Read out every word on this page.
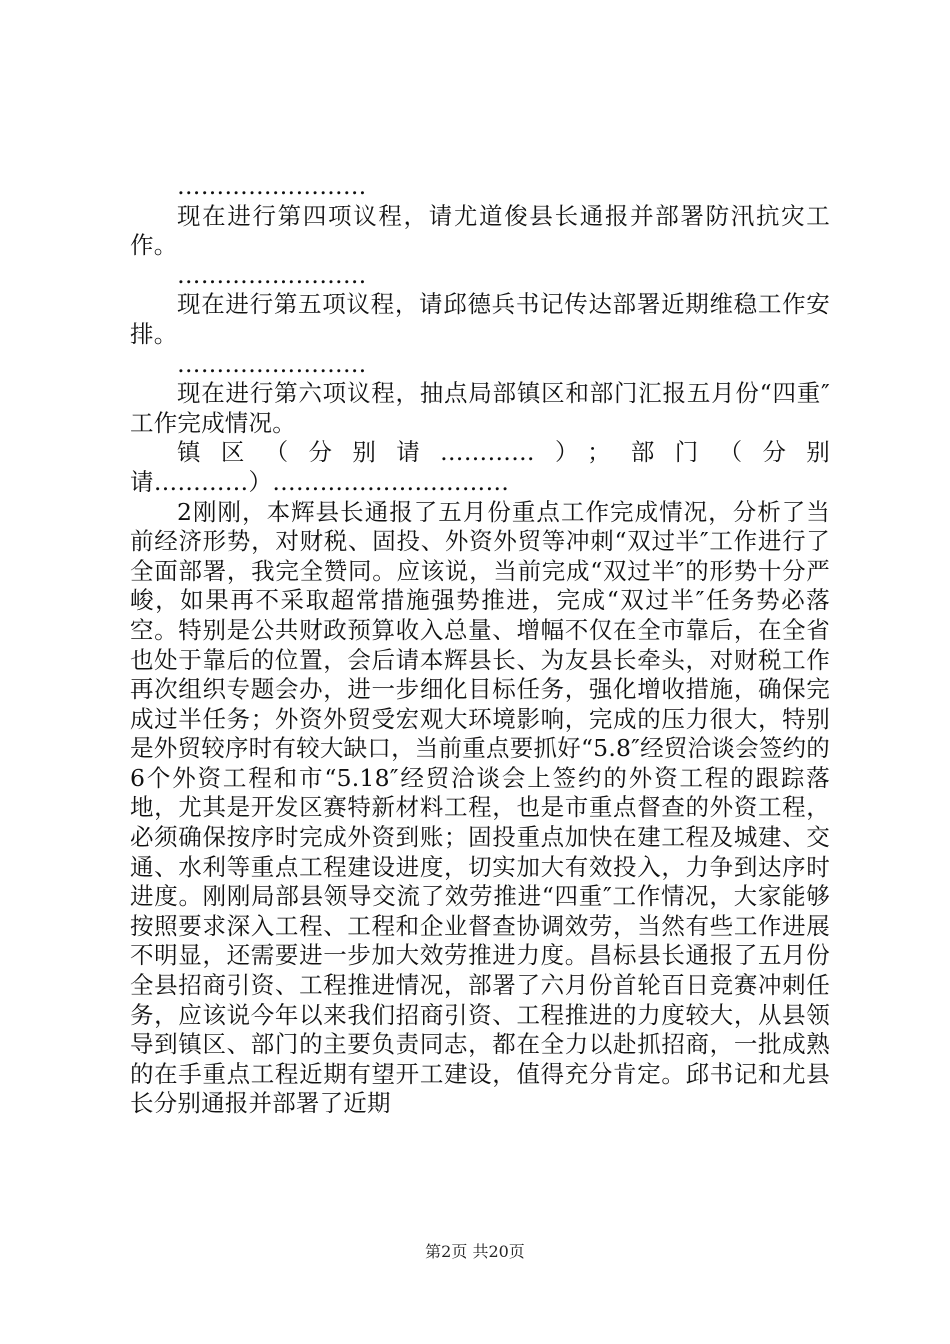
……………………

现在进行第四项议程，请尤道俊县长通报并部署防汛抗灾工作。

……………………

现在进行第五项议程，请邱德兵书记传达部署近期维稳工作安排。

……………………

现在进行第六项议程，抽点局部镇区和部门汇报五月份“四重″工作完成情况。

镇区（分别请…………）；部门（分别请…………）…………………………

2刚刚，本辉县长通报了五月份重点工作完成情况，分析了当前经济形势，对财税、固投、外资外贸等冲刺“双过半″工作进行了全面部署，我完全赞同。应该说，当前完成“双过半″的形势十分严峻，如果再不采取超常措施强势推进，完成“双过半″任务势必落空。特别是公共财政预算收入总量、增幅不仅在全市靠后，在全省也处于靠后的位置，会后请本辉县长、为友县长牵头，对财税工作再次组织专题会办，进一步细化目标任务，强化增收措施，确保完成过半任务；外资外贸受宏观大环境影响，完成的压力很大，特别是外贸较序时有较大缺口，当前重点要抓好“5.8″经贸洽谈会签约的6个外资工程和市“5.18″经贸洽谈会上签约的外资工程的跟踪落地，尤其是开发区赛特新材料工程，也是市重点督查的外资工程，必须确保按序时完成外资到账；固投重点加快在建工程及城建、交通、水利等重点工程建设进度，切实加大有效投入，力争到达序时进度。刚刚局部县领导交流了效劳推进“四重″工作情况，大家能够按照要求深入工程、工程和企业督查协调效劳，当然有些工作进展不明显，还需要进一步加大效劳推进力度。昌标县长通报了五月份全县招商引资、工程推进情况，部署了六月份首轮百日竞赛冲刺任务，应该说今年以来我们招商引资、工程推进的力度较大，从县领导到镇区、部门的主要负责同志，都在全力以赴抓招商，一批成熟的在手重点工程近期有望开工建设，值得充分肯定。邱书记和尤县长分别通报并部署了近期

第2页 共20页
